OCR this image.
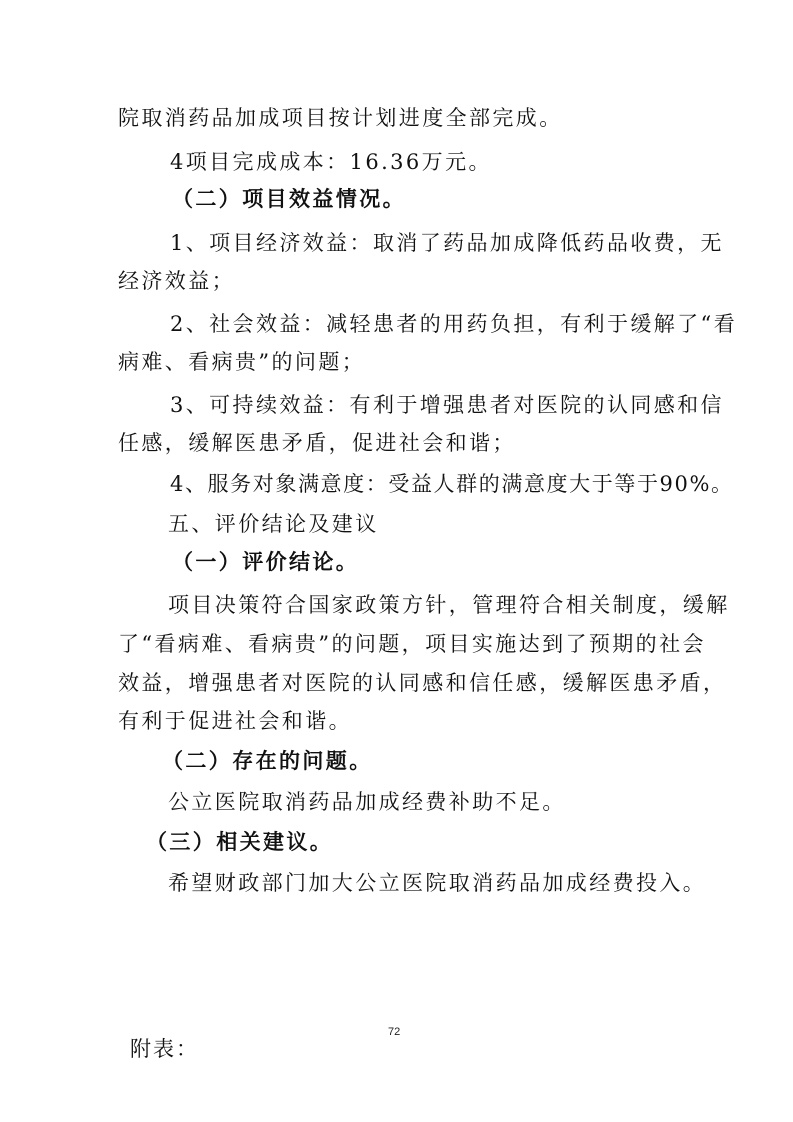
院取消药品加成项目按计划进度全部完成。
4项目完成成本：16.36万元。
（二）项目效益情况。
1、项目经济效益：取消了药品加成降低药品收费，无
经济效益；
2、社会效益：减轻患者的用药负担，有利于缓解了“看
病难、看病贵”的问题；
3、可持续效益：有利于增强患者对医院的认同感和信
任感，缓解医患矛盾，促进社会和谐；
4、服务对象满意度：受益人群的满意度大于等于90%。
五、评价结论及建议
（一）评价结论。
项目决策符合国家政策方针，管理符合相关制度，缓解
了“看病难、看病贵”的问题，项目实施达到了预期的社会
效益，增强患者对医院的认同感和信任感，缓解医患矛盾，
有利于促进社会和谐。
（二）存在的问题。
公立医院取消药品加成经费补助不足。
（三）相关建议。
希望财政部门加大公立医院取消药品加成经费投入。
72
附表：
